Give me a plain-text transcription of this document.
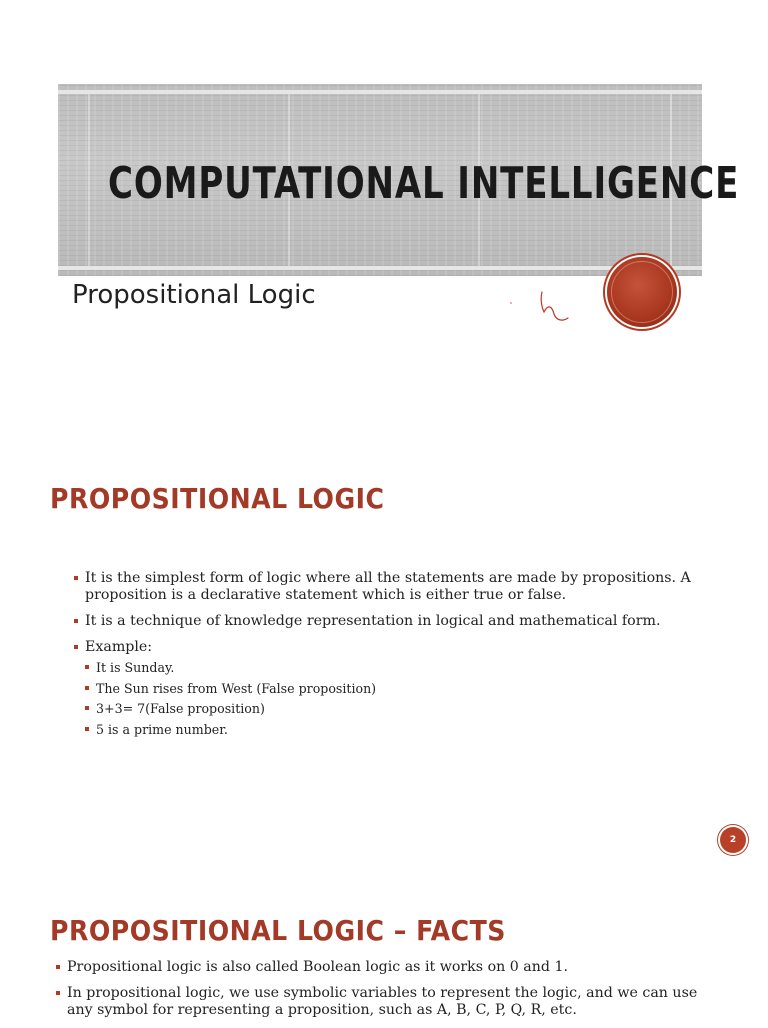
COMPUTATIONAL INTELLIGENCE
Propositional Logic
PROPOSITIONAL LOGIC
It is the simplest form of logic where all the statements are made by propositions. A proposition is a declarative statement which is either true or false.
It is a technique of knowledge representation in logical and mathematical form.
Example:
It is Sunday.
The Sun rises from West (False proposition)
3+3= 7(False proposition)
5 is a prime number.
2
PROPOSITIONAL LOGIC – FACTS
Propositional logic is also called Boolean logic as it works on 0 and 1.
In propositional logic, we use symbolic variables to represent the logic, and we can use any symbol for representing a proposition, such as A, B, C, P, Q, R, etc.
